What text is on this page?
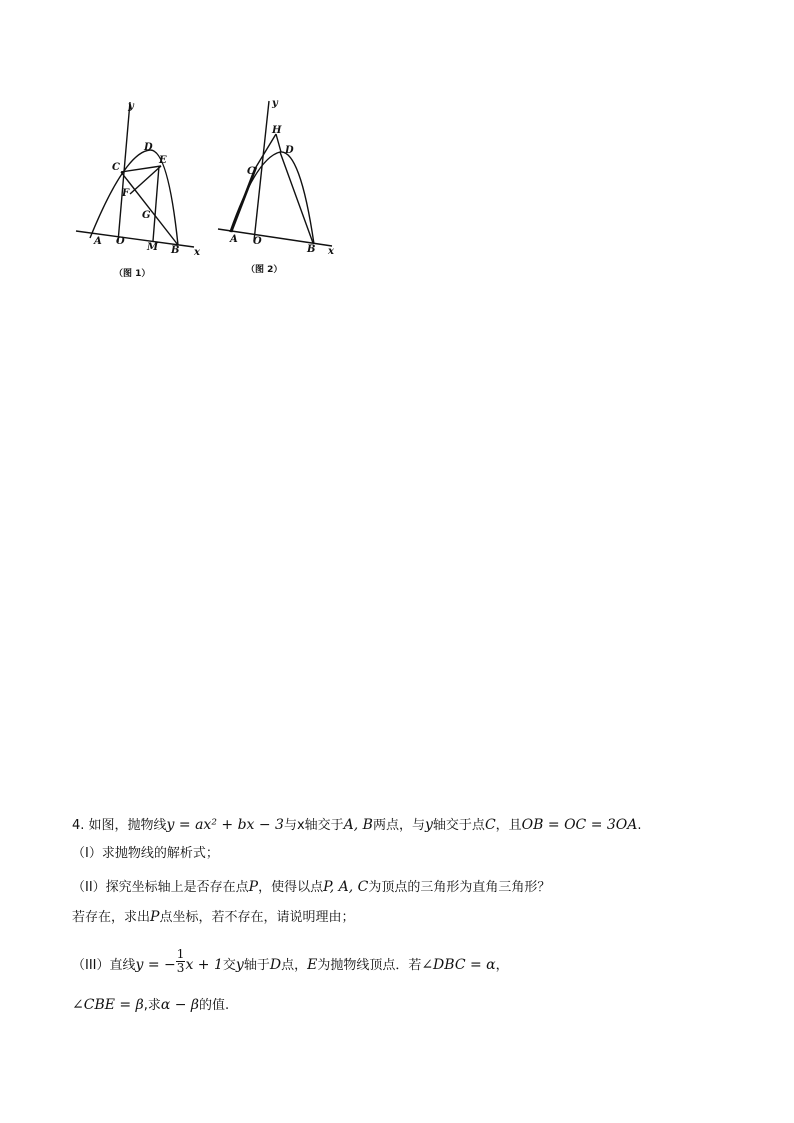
y
x
A O
M B
C
D
E
F
G
（图 1）
y
x
A O
B
C
D
H
（图 2）
4. 如图，抛物线y = ax² + bx − 3与x轴交于A, B两点，与y轴交于点C，且OB = OC = 3OA.
（I）求抛物线的解析式；
（II）探究坐标轴上是否存在点P，使得以点P, A, C为顶点的三角形为直角三角形？
若存在，求出P点坐标，若不存在，请说明理由；
（III）直线y = − $\frac{1}{3}$ x + 1交y轴于D点，E为抛物线顶点．若∠DBC = α，
∠CBE = β,求α − β的值.
